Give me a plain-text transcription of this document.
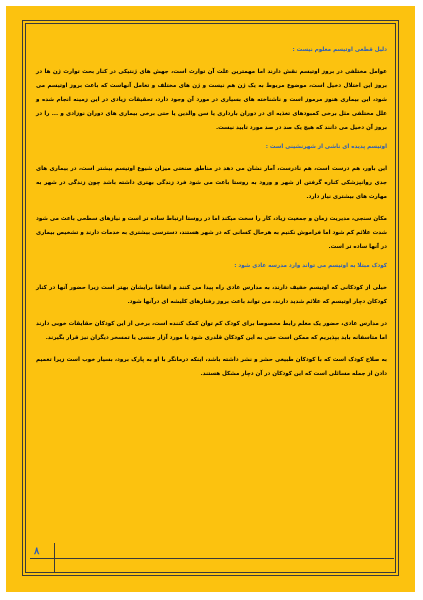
دلیل قطعی اوتیسم معلوم نیست :

عوامل مختلفی در بروز اوتیسم نقش دارند اما مهمترین علت آن توارث است، جهش های ژنتیکی در کنار بحث توارث ژن ها در بروز این اختلال دخیل است، موضوع مربوط به یک ژن هم نیست و ژن های مختلف و تعامل آنهاست که باعث بروز اوتیسم می شود، این بیماری هنوز مرموز است و ناشناخته های بسیاری در مورد آن وجود دارد، تحقیقات زیادی در این زمینه انجام شده و علل مختلفی مثل برخی کمبودهای تغذیه ای در دوران بارداری یا سن والدین یا حتی برخی بیماری های دوران نوزادی و ... را در بروز آن دخیل می دانند که هیچ یک صد در صد مورد تایید نیست.

اوتیسم پدیده ای ناشی از شهرنشینی است :

این باور، هم درست است، هم نادرست، آمار نشان می دهد در مناطق صنعتی میزان شیوع اوتیسم بیشتر است، در بیماری های جدی روانپزشکی کناره گرفتن از شهر و ورود به روستا باعث می شود فرد زندگی بهتری داشته باشد چون زندگی در شهر به مهارت های بیشتری نیاز دارد.

مکان سنجی، مدیریت زمان و جمعیت زیاد، کار را سخت میکند اما در روستا ارتباط ساده تر است و نیازهای سطحی باعث می شود شدت علائم کم شود اما فراموش نکنیم به هرحال کسانی که در شهر هستند، دسترسی بیشتری به خدمات دارند و تشخیص بیماری در آنها ساده تر است.

کودک مبتلا به اوتیسم می تواند وارد مدرسه عادی شود :

خیلی از کودکانی که اوتیسم خفیف دارند، به مدارس عادی راه پیدا می کنند و اتفاقا برایشان بهتر است زیرا حضور آنها در کنار کودکان دچار اوتیسم که علائم شدید دارند، می تواند باعث بروز رفتارهای کلیشه ای درآنها شود.

در مدارس عادی، حضور یک معلم رابط مخصوصا برای کودک کم توان کمک کننده است، برخی از این کودکان حقایقات خوبی دارند اما متاسفانه باید بپذیریم که ممکن است حتی به این کودکان قلدری شود یا مورد آزار جنسی یا تمسخر دیگران نیز قرار بگیرند.

به صلاح کودک است که با کودکان طبیعی حشر و نشر داشته باشد، اینکه درمانگر با او به پارک برود، بسیار خوب است زیرا تعمیم دادن از جمله مسائلی است که این کودکان در آن دچار مشکل هستند.

۸
